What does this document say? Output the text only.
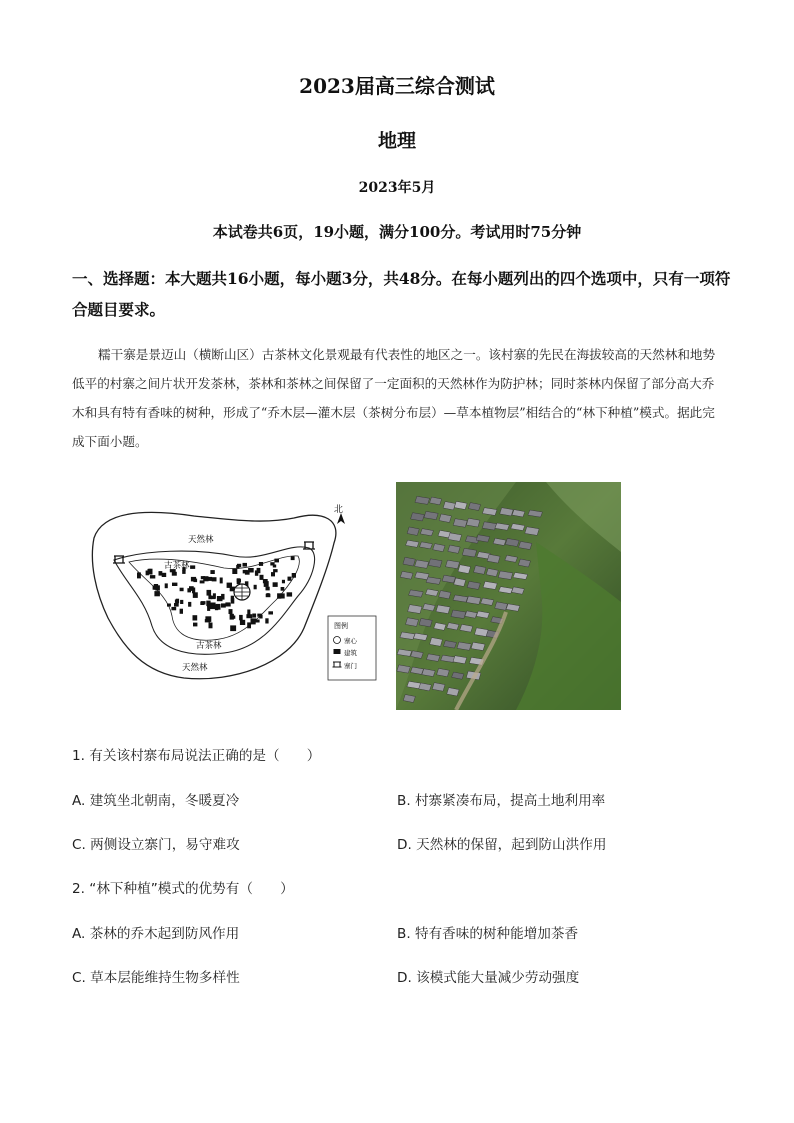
2023届高三综合测试
地理
2023年5月
本试卷共6页，19小题，满分100分。考试用时75分钟
一、选择题：本大题共16小题，每小题3分，共48分。在每小题列出的四个选项中，只有一项符合题目要求。
糯干寨是景迈山（横断山区）古茶林文化景观最有代表性的地区之一。该村寨的先民在海拔较高的天然林和地势低平的村寨之间片状开发茶林，茶林和茶林之间保留了一定面积的天然林作为防护林；同时茶林内保留了部分高大乔木和具有特有香味的树种，形成了“乔木层—灌木层（茶树分布层）—草本植物层”相结合的“林下种植”模式。据此完成下面小题。
天然林
古茶林
古茶林
天然林
北
图例
寨心
建筑
寨门
1. 有关该村寨布局说法正确的是（　　）
A. 建筑坐北朝南，冬暖夏冷	B. 村寨紧凑布局，提高土地利用率
C. 两侧设立寨门，易守难攻	D. 天然林的保留，起到防山洪作用
2. “林下种植”模式的优势有（　　）
A. 茶林的乔木起到防风作用	B. 特有香味的树种能增加茶香
C. 草本层能维持生物多样性	D. 该模式能大量减少劳动强度
